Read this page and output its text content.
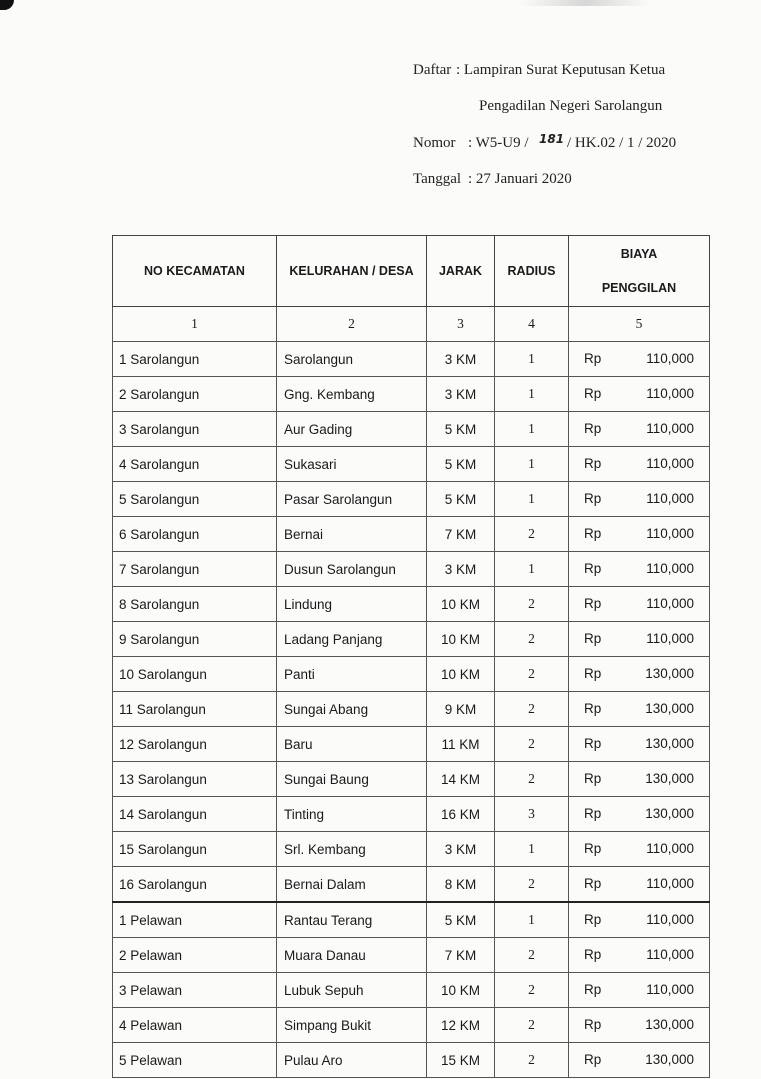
Daftar : Lampiran Surat Keputusan Ketua
Pengadilan Negeri Sarolangun
Nomor : W5-U9 / 181 / HK.02 / 1 / 2020
Tanggal : 27 Januari 2020
NO KECAMATAN	KELURAHAN / DESA	JARAK	RADIUS	BIAYA
PENGGILAN

1	2	3	4	5
1 Sarolangun	Sarolangun	3 KM	1	Rp 110,000

2 Sarolangun	Gng. Kembang	3 KM	1	Rp 110,000

3 Sarolangun	Aur Gading	5 KM	1	Rp 110,000

4 Sarolangun	Sukasari	5 KM	1	Rp 110,000

5 Sarolangun	Pasar Sarolangun	5 KM	1	Rp 110,000

6 Sarolangun	Bernai	7 KM	2	Rp 110,000

7 Sarolangun	Dusun Sarolangun	3 KM	1	Rp 110,000

8 Sarolangun	Lindung	10 KM	2	Rp 110,000

9 Sarolangun	Ladang Panjang	10 KM	2	Rp 110,000

10 Sarolangun	Panti	10 KM	2	Rp 130,000

11 Sarolangun	Sungai Abang	9 KM	2	Rp 130,000

12 Sarolangun	Baru	11 KM	2	Rp 130,000

13 Sarolangun	Sungai Baung	14 KM	2	Rp 130,000

14 Sarolangun	Tinting	16 KM	3	Rp 130,000

15 Sarolangun	Srl. Kembang	3 KM	1	Rp 110,000

16 Sarolangun	Bernai Dalam	8 KM	2	Rp 110,000

1 Pelawan	Rantau Terang	5 KM	1	Rp 110,000

2 Pelawan	Muara Danau	7 KM	2	Rp 110,000

3 Pelawan	Lubuk Sepuh	10 KM	2	Rp 110,000

4 Pelawan	Simpang Bukit	12 KM	2	Rp 130,000

5 Pelawan	Pulau Aro	15 KM	2	Rp 130,000
